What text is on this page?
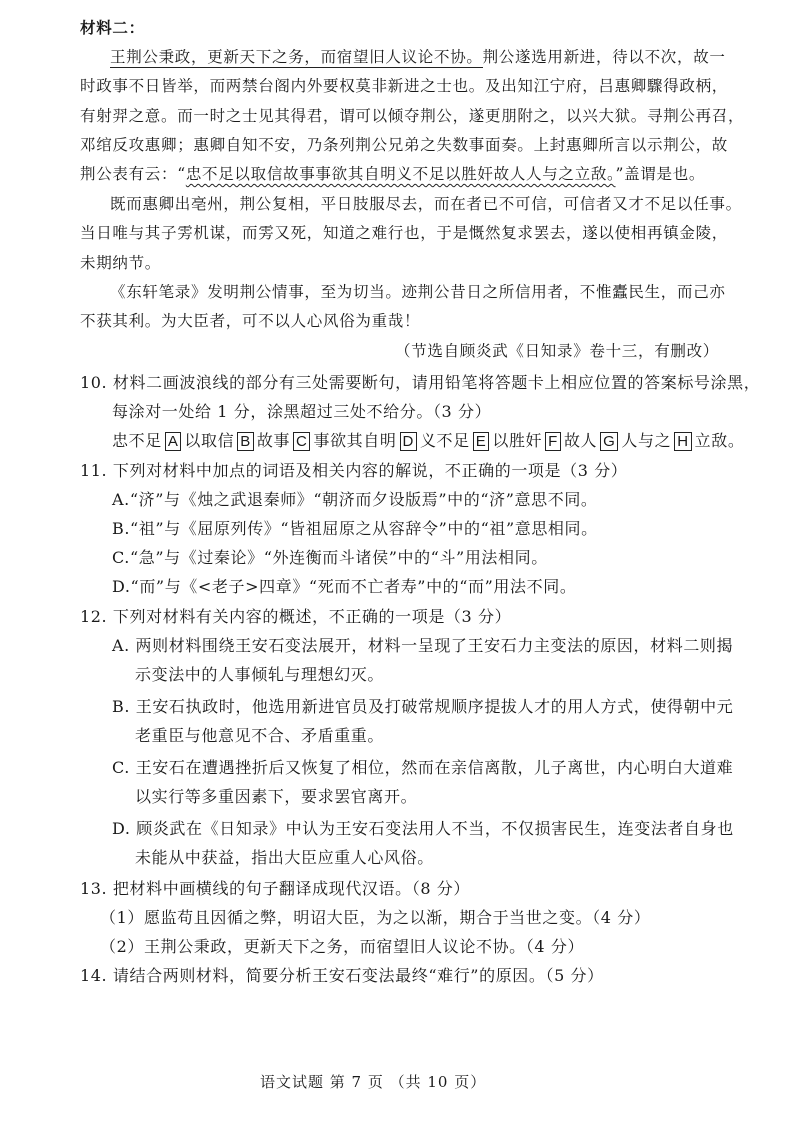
材料二：
王荆公秉政，更新天下之务，而宿望旧人议论不协。荆公遂选用新进，待以不次，故一
时政事不日皆举，而两禁台阁内外要权莫非新进之士也。及出知江宁府，吕惠卿驟得政柄，
有射羿之意。而一时之士见其得君，谓可以倾夺荆公，遂更朋附之，以兴大狱。寻荆公再召，
邓绾反攻惠卿；惠卿自知不安，乃条列荆公兄弟之失数事面奏。上封惠卿所言以示荆公，故
荆公表有云：“忠不足以取信故事事欲其自明义不足以胜奸故人人与之立敌。”盖谓是也。
既而惠卿出亳州，荆公复相，平日肢服尽去，而在者已不可信，可信者又才不足以任事。
当日唯与其子雱机谋，而雱又死，知道之难行也，于是慨然复求罢去，遂以使相再镇金陵，
未期纳节。
《东轩笔录》发明荆公情事，至为切当。迹荆公昔日之所信用者，不惟蠹民生，而己亦
不获其利。为大臣者，可不以人心风俗为重哉！
（节选自顾炎武《日知录》卷十三，有删改）
10. 材料二画波浪线的部分有三处需要断句，请用铅笔将答题卡上相应位置的答案标号涂黑，
每涂对一处给 1 分，涂黑超过三处不给分。（3 分）
忠不足 A 以取信 B 故事 C 事欲其自明 D 义不足 E 以胜奸 F 故人 G 人与之 H 立敌。
11. 下列对材料中加点的词语及相关内容的解说，不正确的一项是（3 分）
A.“济”与《烛之武退秦师》“朝济而夕设版焉”中的“济”意思不同。
B.“祖”与《屈原列传》“皆祖屈原之从容辞令”中的“祖”意思相同。
C.“急”与《过秦论》“外连衡而斗诸侯”中的“斗”用法相同。
D.“而”与《<老子>四章》“死而不亡者寿”中的“而”用法不同。
12. 下列对材料有关内容的概述，不正确的一项是（3 分）
A. 两则材料围绕王安石变法展开，材料一呈现了王安石力主变法的原因，材料二则揭
示变法中的人事倾轧与理想幻灭。
B. 王安石执政时，他选用新进官员及打破常规顺序提拔人才的用人方式，使得朝中元
老重臣与他意见不合、矛盾重重。
C. 王安石在遭遇挫折后又恢复了相位，然而在亲信离散，儿子离世，内心明白大道难
以实行等多重因素下，要求罢官离开。
D. 顾炎武在《日知录》中认为王安石变法用人不当，不仅损害民生，连变法者自身也
未能从中获益，指出大臣应重人心风俗。
13. 把材料中画横线的句子翻译成现代汉语。（8 分）
（1）愿监苟且因循之弊，明诏大臣，为之以渐，期合于当世之变。（4 分）
（2）王荆公秉政，更新天下之务，而宿望旧人议论不协。（4 分）
14. 请结合两则材料，简要分析王安石变法最终“难行”的原因。（5 分）
语文试题 第 7 页 （共 10 页）
